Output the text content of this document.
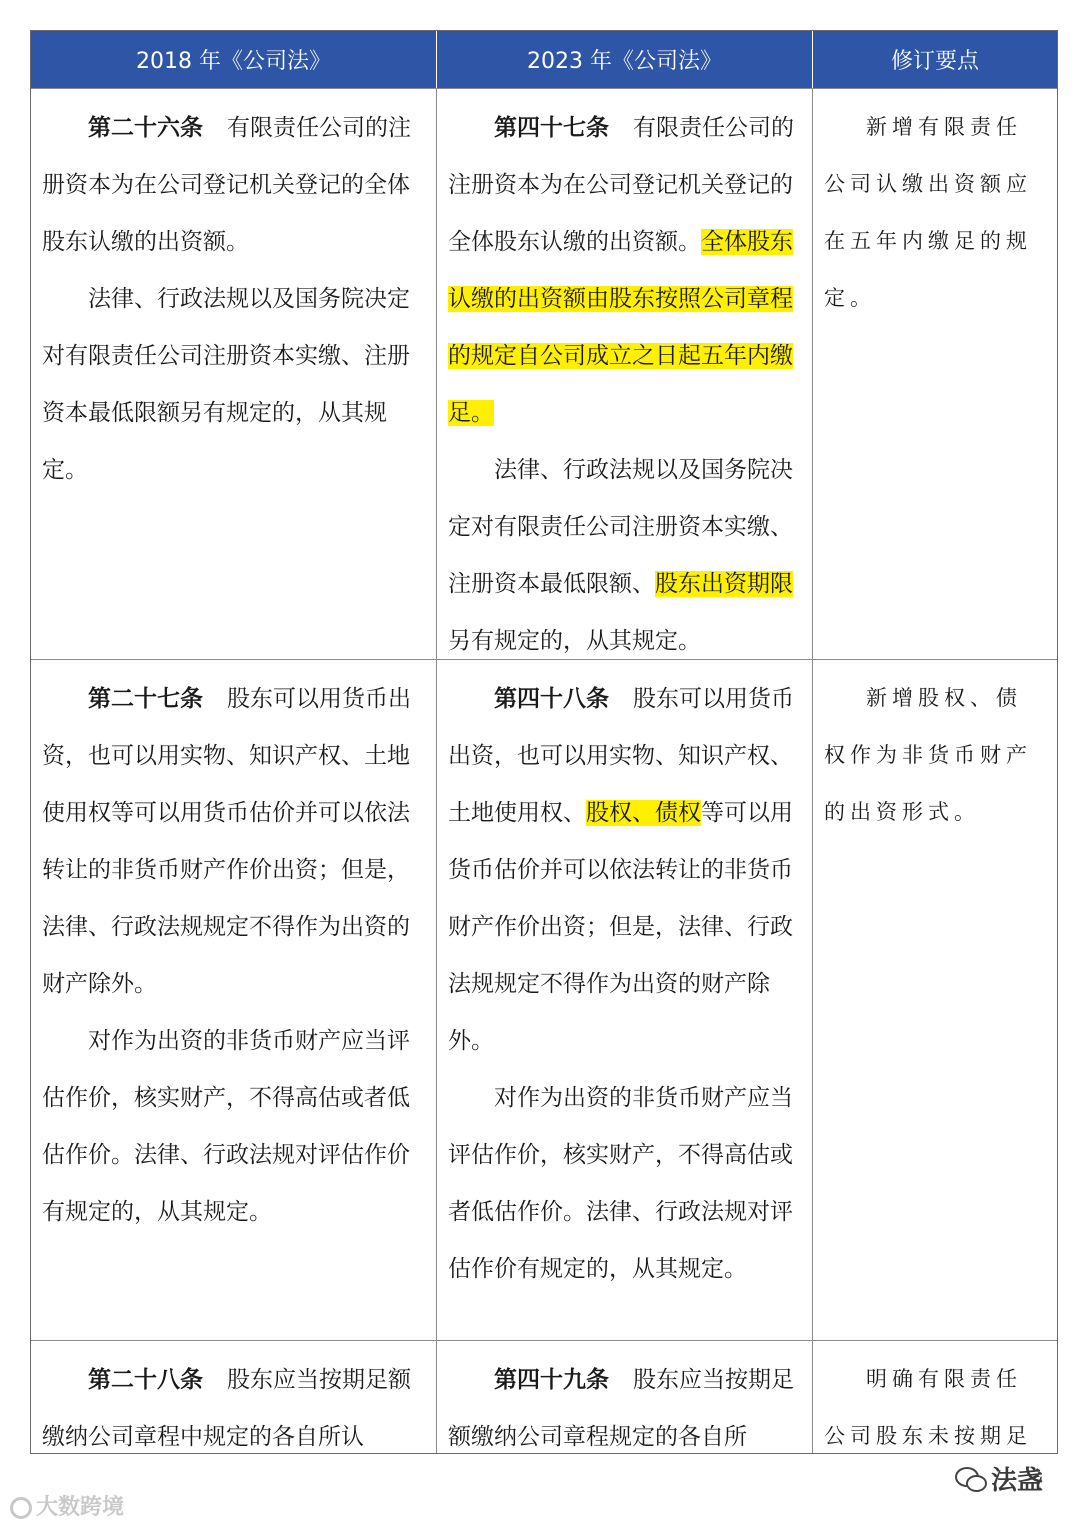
2018 年《公司法》	2023 年《公司法》	修订要点

第二十六条 有限责任公司的注册资本为在公司登记机关登记的全体股东认缴的出资额。

法律、行政法规以及国务院决定对有限责任公司注册资本实缴、注册资本最低限额另有规定的，从其规定。

第四十七条 有限责任公司的注册资本为在公司登记机关登记的全体股东认缴的出资额。全体股东认缴的出资额由股东按照公司章程的规定自公司成立之日起五年内缴足。

法律、行政法规以及国务院决定对有限责任公司注册资本实缴、注册资本最低限额、股东出资期限另有规定的，从其规定。

新增有限责任公司认缴出资额应在五年内缴足的规定。

第二十七条 股东可以用货币出资，也可以用实物、知识产权、土地使用权等可以用货币估价并可以依法转让的非货币财产作价出资；但是，法律、行政法规规定不得作为出资的财产除外。

对作为出资的非货币财产应当评估作价，核实财产，不得高估或者低估作价。法律、行政法规对评估作价有规定的，从其规定。

第四十八条 股东可以用货币出资，也可以用实物、知识产权、土地使用权、股权、债权等可以用货币估价并可以依法转让的非货币财产作价出资；但是，法律、行政法规规定不得作为出资的财产除外。

对作为出资的非货币财产应当评估作价，核实财产，不得高估或者低估作价。法律、行政法规对评估作价有规定的，从其规定。

新增股权、债权作为非货币财产的出资形式。

第二十八条 股东应当按期足额缴纳公司章程中规定的各自所认

第四十九条 股东应当按期足额缴纳公司章程规定的各自所

明确有限责任公司股东未按期足

大数跨境
法盏
